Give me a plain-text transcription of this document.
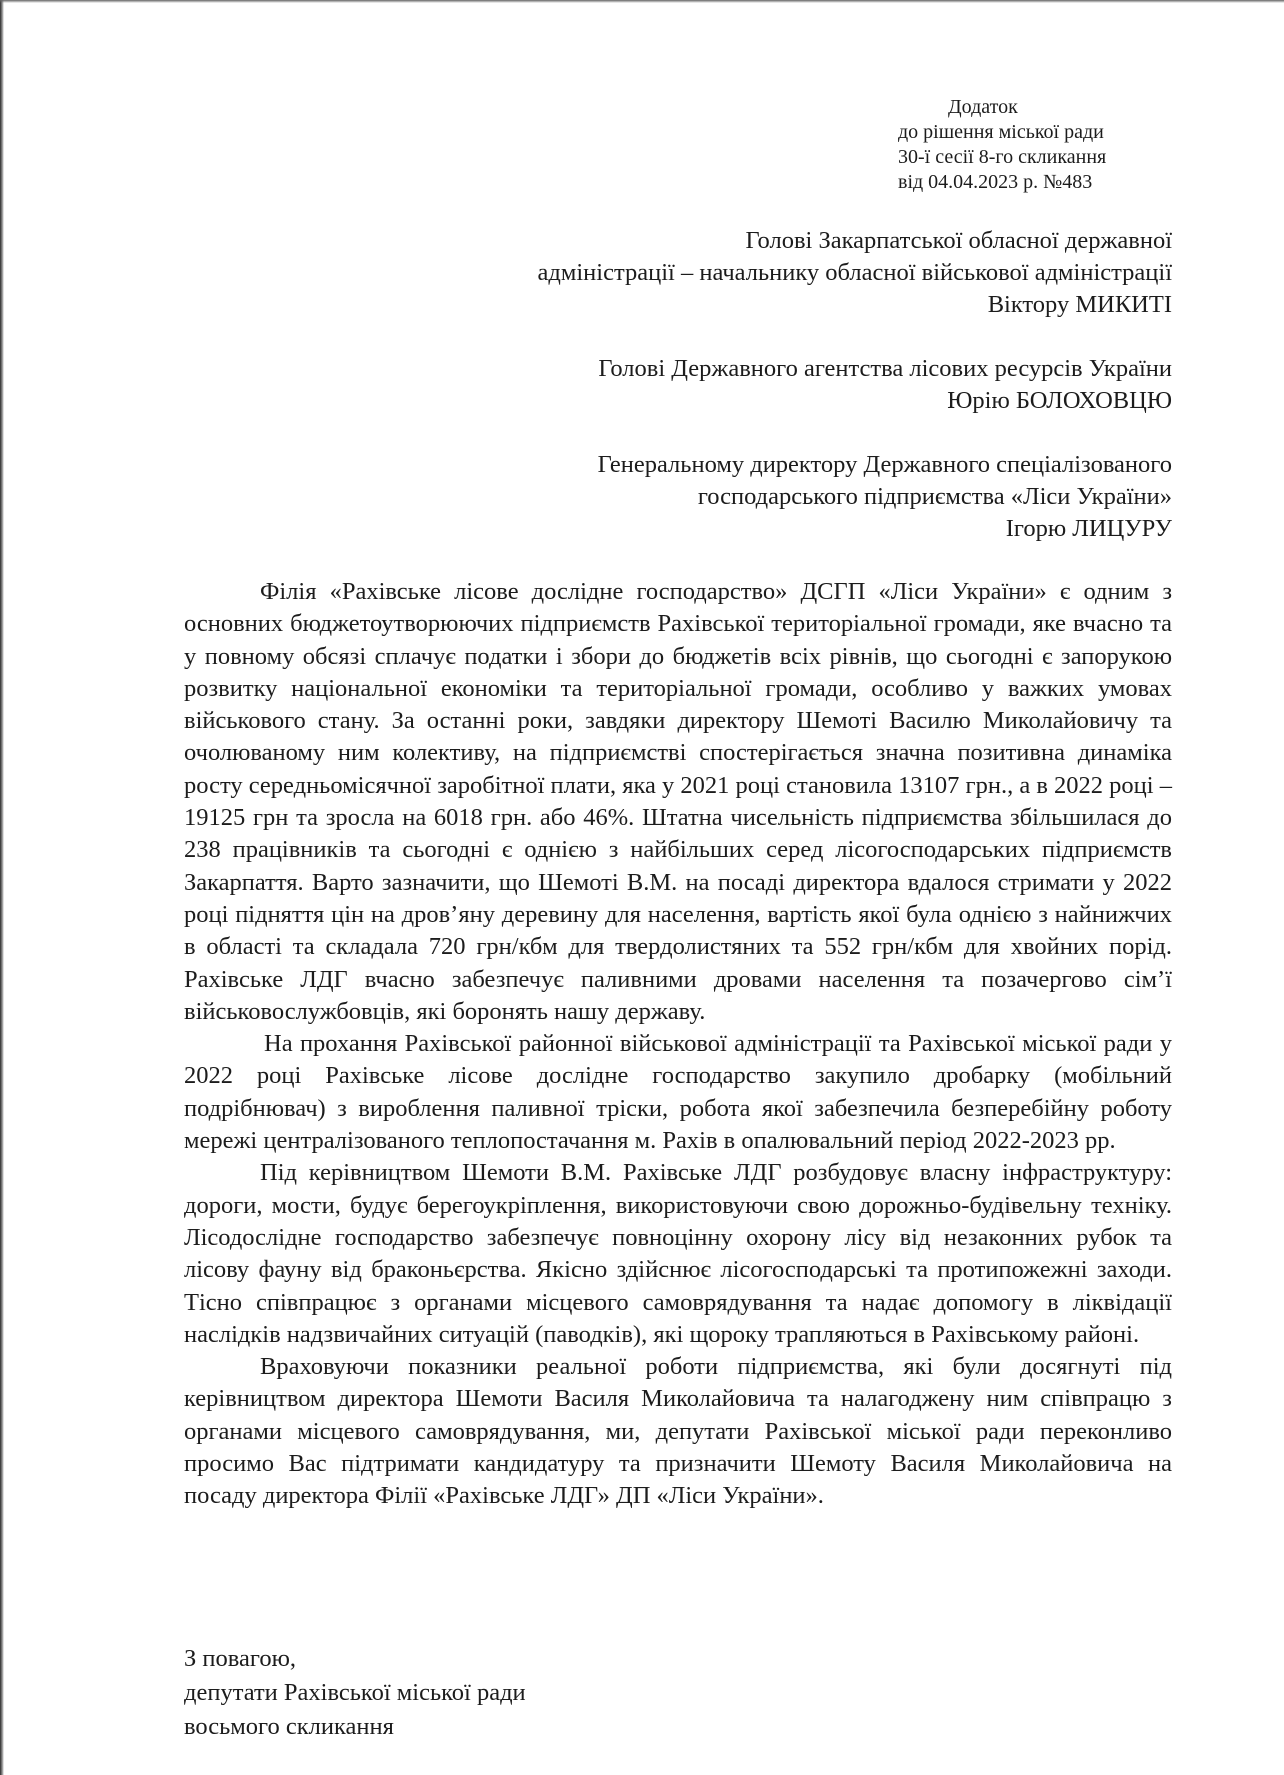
Додаток
до рішення міської ради
30-ї сесії 8-го скликання
від 04.04.2023 р. №483
Голові Закарпатської обласної державної
адміністрації – начальнику обласної військової адміністрації
Віктору МИКИТІ
Голові Державного агентства лісових ресурсів України
Юрію БОЛОХОВЦЮ
Генеральному директору Державного спеціалізованого
господарського підприємства «Ліси України»
Ігорю ЛИЦУРУ

Філія «Рахівське лісове дослідне господарство» ДСГП «Ліси України» є одним з основних бюджетоутворюючих підприємств Рахівської територіальної громади, яке вчасно та у повному обсязі сплачує податки і збори до бюджетів всіх рівнів, що сьогодні є запорукою розвитку національної економіки та територіальної громади, особливо у важких умовах військового стану. За останні роки, завдяки директору Шемоті Василю Миколайовичу та очолюваному ним колективу, на підприємстві спостерігається значна позитивна динаміка росту середньомісячної заробітної плати, яка у 2021 році становила 13107 грн., а в 2022 році – 19125 грн та зросла на 6018 грн. або 46%. Штатна чисельність підприємства збільшилася до 238 працівників та сьогодні є однією з найбільших серед лісогосподарських підприємств Закарпаття. Варто зазначити, що Шемоті В.М. на посаді директора вдалося стримати у 2022 році підняття цін на дров’яну деревину для населення, вартість якої була однією з найнижчих в області та складала 720 грн/кбм для твердолистяних та 552 грн/кбм для хвойних порід. Рахівське ЛДГ вчасно забезпечує паливними дровами населення та позачергово сім’ї військовослужбовців, які боронять нашу державу.

На прохання Рахівської районної військової адміністрації та Рахівської міської ради у 2022 році Рахівське лісове дослідне господарство закупило дробарку (мобільний подрібнювач) з вироблення паливної тріски, робота якої забезпечила безперебійну роботу мережі централізованого теплопостачання м. Рахів в опалювальний період 2022-2023 рр.

Під керівництвом Шемоти В.М. Рахівське ЛДГ розбудовує власну інфраструктуру: дороги, мости, будує берегоукріплення, використовуючи свою дорожньо-будівельну техніку. Лісодослідне господарство забезпечує повноцінну охорону лісу від незаконних рубок та лісову фауну від браконьєрства. Якісно здійснює лісогосподарські та протипожежні заходи. Тісно співпрацює з органами місцевого самоврядування та надає допомогу в ліквідації наслідків надзвичайних ситуацій (паводків), які щороку трапляються в Рахівському районі.

Враховуючи показники реальної роботи підприємства, які були досягнуті під керівництвом директора Шемоти Василя Миколайовича та налагоджену ним співпрацю з органами місцевого самоврядування, ми, депутати Рахівської міської ради переконливо просимо Вас підтримати кандидатуру та призначити Шемоту Василя Миколайовича на посаду директора Філії «Рахівське ЛДГ» ДП «Ліси України».

З повагою,
депутати Рахівської міської ради
восьмого скликання
